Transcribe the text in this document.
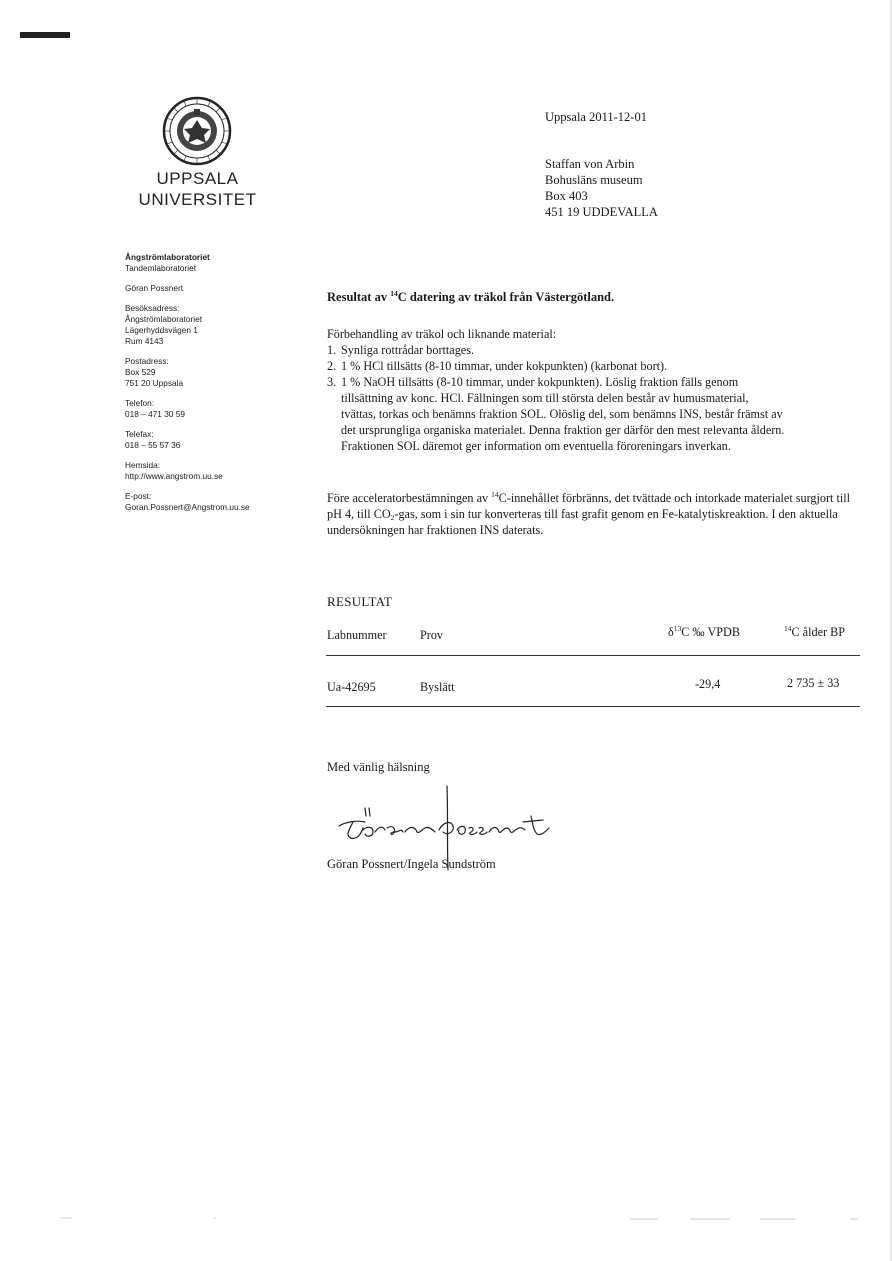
UPPSALA
UNIVERSITET
Ångströmlaboratoriet
Tandemlaboratoriet
Göran Possnert
Besöksadress:
Ångströmlaboratoriet
Lägerhyddsvägen 1
Rum 4143
Postadress:
Box 529
751 20 Uppsala
Telefon:
018 – 471 30 59
Telefax:
018 – 55 57 36
Hemsida:
http://www.angstrom.uu.se
E-post:
Goran.Possnert@Angstrom.uu.se
Uppsala 2011-12-01
Staffan von Arbin
Bohusläns museum
Box 403
451 19 UDDEVALLA
Resultat av $^{14}$C datering av träkol från Västergötland.
Förbehandling av träkol och liknande material:
1. Synliga rottrådar borttages.
2. 1 % HCl tillsätts (8-10 timmar, under kokpunkten) (karbonat bort).
3. 1 % NaOH tillsätts (8-10 timmar, under kokpunkten). Löslig fraktion fälls genom tillsättning av konc. HCl. Fällningen som till största delen består av humusmaterial, tvättas, torkas och benämns fraktion SOL. Olöslig del, som benämns INS, består främst av det ursprungliga organiska materialet. Denna fraktion ger därför den mest relevanta åldern. Fraktionen SOL däremot ger information om eventuella föroreningars inverkan.
Före acceleratorbestämningen av $^{14}$C-innehållet förbränns, det tvättade och intorkade materialet surgjort till pH 4, till $CO_2$-gas, som i sin tur konverteras till fast grafit genom en Fe-katalytiskreaktion. I den aktuella undersökningen har fraktionen INS daterats.
RESULTAT
Labnummer	Prov	$\delta^{13}C$ ‰ VPDB	$^{14}$C ålder BP
Ua-42695	Byslätt	-29,4	2 735 ± 33
Med vänlig hälsning
Göran Possnert/Ingela Sundström
